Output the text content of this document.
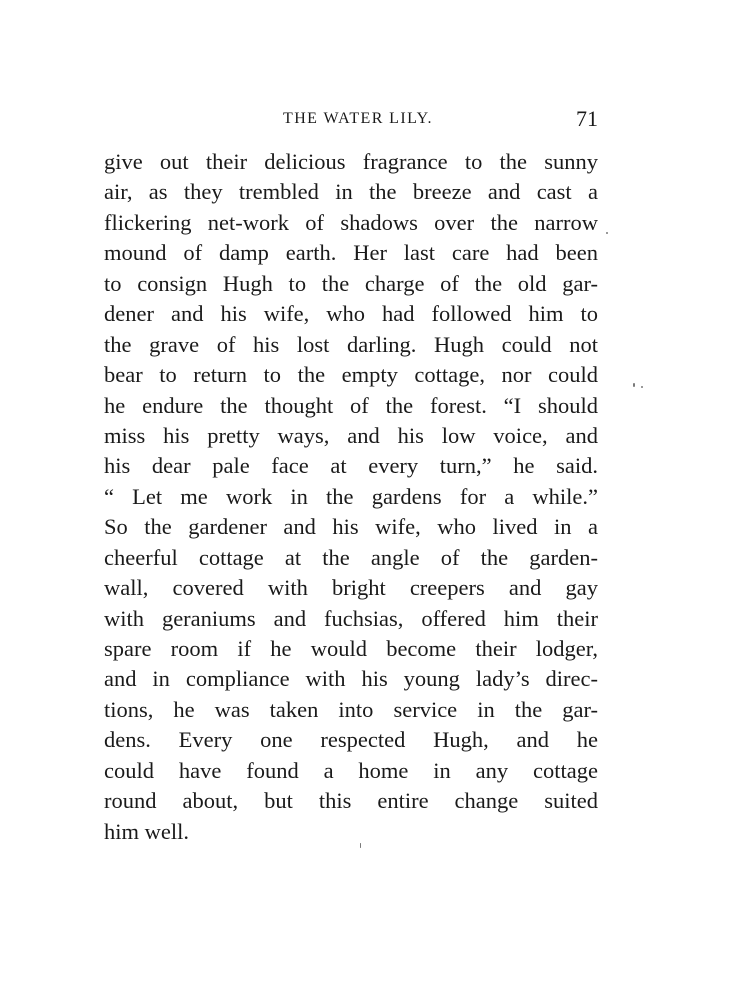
THE WATER LILY.	71
give out their delicious fragrance to the sunny
air, as they trembled in the breeze and cast a
flickering net-work of shadows over the narrow
mound of damp earth. Her last care had been
to consign Hugh to the charge of the old gar-
dener and his wife, who had followed him to
the grave of his lost darling. Hugh could not
bear to return to the empty cottage, nor could
he endure the thought of the forest. “I should
miss his pretty ways, and his low voice, and
his dear pale face at every turn,” he said.
“ Let me work in the gardens for a while.”
So the gardener and his wife, who lived in a
cheerful cottage at the angle of the garden-
wall, covered with bright creepers and gay
with geraniums and fuchsias, offered him their
spare room if he would become their lodger,
and in compliance with his young lady’s direc-
tions, he was taken into service in the gar-
dens. Every one respected Hugh, and he
could have found a home in any cottage
round about, but this entire change suited
him well.
